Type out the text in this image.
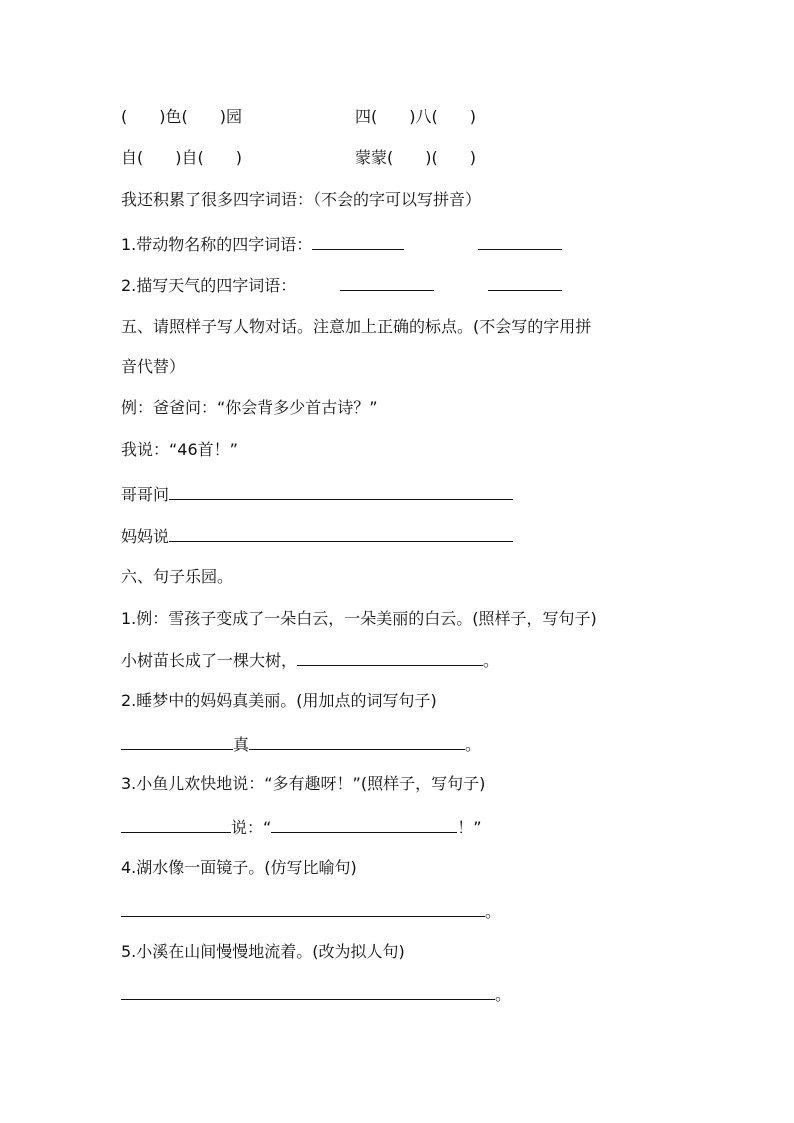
(　　)色(　　)园	四(　　)八(　　)
自(　　)自(　　)	蒙蒙(　　)(　　)
我还积累了很多四字词语：（不会的字可以写拼音）
1.带动物名称的四字词语：
2.描写天气的四字词语：
五、请照样子写人物对话。注意加上正确的标点。(不会写的字用拼
音代替）
例：爸爸问：“你会背多少首古诗？”
我说：“46首！”
哥哥问
妈妈说
六、句子乐园。
1.例：雪孩子变成了一朵白云，一朵美丽的白云。(照样子，写句子)
小树苗长成了一棵大树，	。
2.睡梦中的妈妈真美丽。(用加点的词写句子)
真	。
3.小鱼儿欢快地说：“多有趣呀！”(照样子，写句子)
说：“	！”
4.湖水像一面镜子。(仿写比喻句)
。
5.小溪在山间慢慢地流着。(改为拟人句)
。
